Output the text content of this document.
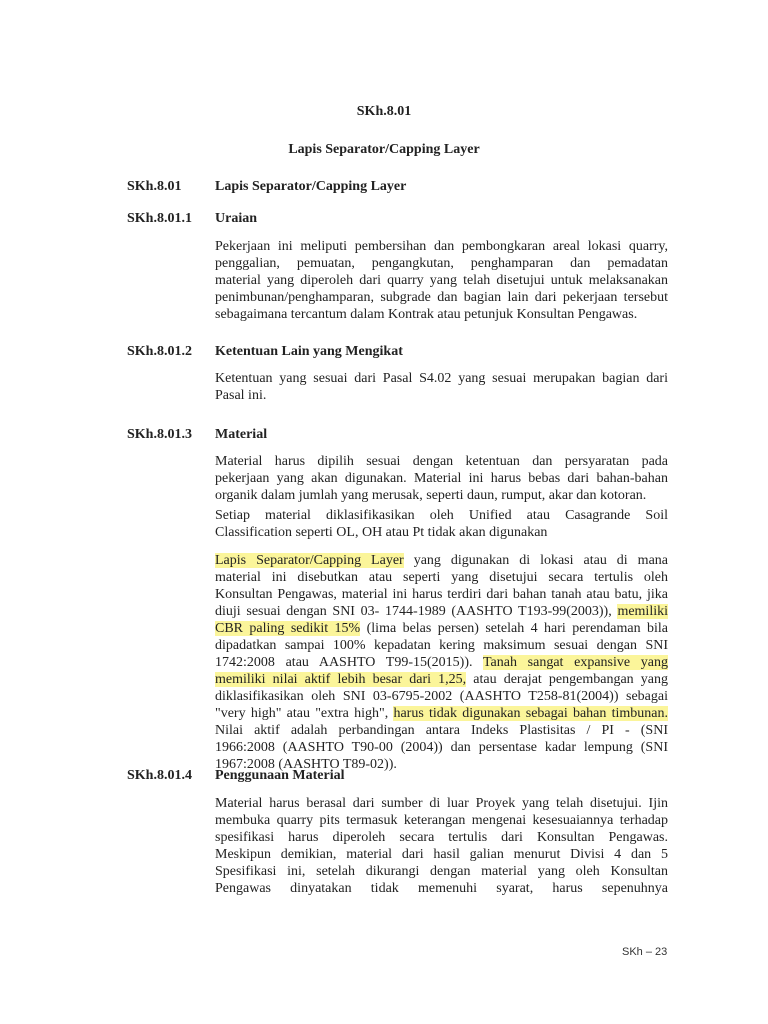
SKh.8.01
Lapis Separator/Capping Layer
SKh.8.01 Lapis Separator/Capping Layer
SKh.8.01.1 Uraian
Pekerjaan ini meliputi pembersihan dan pembongkaran areal lokasi quarry,
penggalian, pemuatan, pengangkutan, penghamparan dan pemadatan
material yang diperoleh dari quarry yang telah disetujui untuk melaksanakan
penimbunan/penghamparan, subgrade dan bagian lain dari pekerjaan tersebut
sebagaimana tercantum dalam Kontrak atau petunjuk Konsultan Pengawas.
SKh.8.01.2 Ketentuan Lain yang Mengikat
Ketentuan yang sesuai dari Pasal S4.02 yang sesuai merupakan bagian dari
Pasal ini.
SKh.8.01.3 Material
Material harus dipilih sesuai dengan ketentuan dan persyaratan pada
pekerjaan yang akan digunakan. Material ini harus bebas dari bahan-bahan
organik dalam jumlah yang merusak, seperti daun, rumput, akar dan kotoran.
Setiap material diklasifikasikan oleh Unified atau Casagrande Soil
Classification seperti OL, OH atau Pt tidak akan digunakan
Lapis Separator/Capping Layer yang digunakan di lokasi atau di mana
material ini disebutkan atau seperti yang disetujui secara tertulis oleh
Konsultan Pengawas, material ini harus terdiri dari bahan tanah atau batu, jika
diuji sesuai dengan SNI 03- 1744-1989 (AASHTO T193-99(2003)), memiliki
CBR paling sedikit 15% (lima belas persen) setelah 4 hari perendaman bila
dipadatkan sampai 100% kepadatan kering maksimum sesuai dengan SNI
1742:2008 atau AASHTO T99-15(2015)). Tanah sangat expansive yang
memiliki nilai aktif lebih besar dari 1,25, atau derajat pengembangan yang
diklasifikasikan oleh SNI 03-6795-2002 (AASHTO T258-81(2004)) sebagai
"very high" atau "extra high", harus tidak digunakan sebagai bahan timbunan.
Nilai aktif adalah perbandingan antara Indeks Plastisitas / PI - (SNI
1966:2008 (AASHTO T90-00 (2004)) dan persentase kadar lempung (SNI
1967:2008 (AASHTO T89-02)).
SKh.8.01.4 Penggunaan Material
Material harus berasal dari sumber di luar Proyek yang telah disetujui. Ijin
membuka quarry pits termasuk keterangan mengenai kesesuaiannya terhadap
spesifikasi harus diperoleh secara tertulis dari Konsultan Pengawas.
Meskipun demikian, material dari hasil galian menurut Divisi 4 dan 5
Spesifikasi ini, setelah dikurangi dengan material yang oleh Konsultan
Pengawas dinyatakan tidak memenuhi syarat, harus sepenuhnya
SKh – 23
